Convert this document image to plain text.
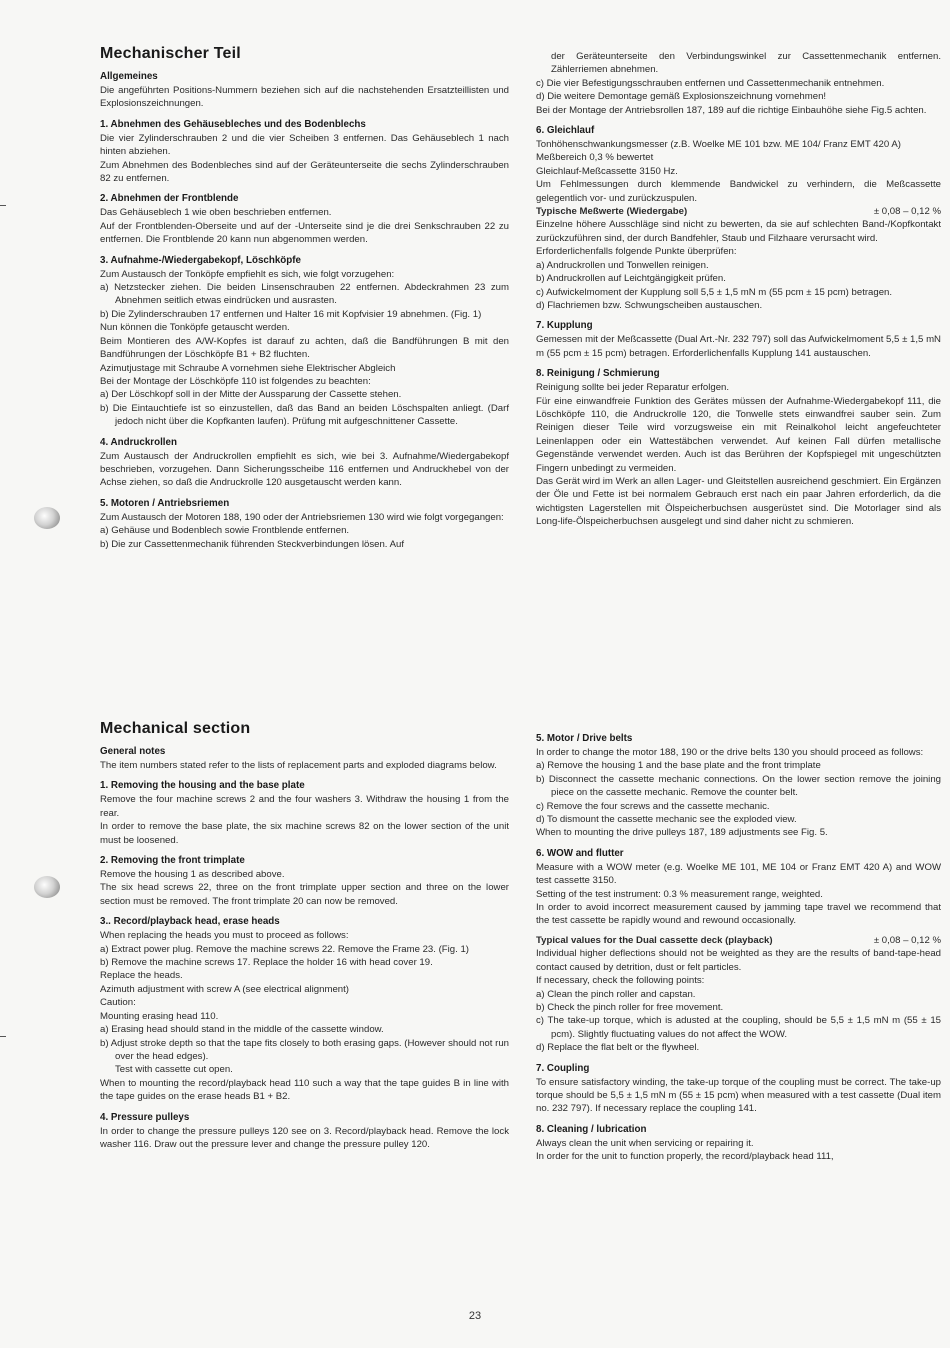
Mechanischer Teil
Allgemeines

Die angeführten Positions-Nummern beziehen sich auf die nachstehenden Ersatzteillisten und Explosionszeichnungen.

1. Abnehmen des Gehäusebleches und des Bodenblechs

Die vier Zylinderschrauben 2 und die vier Scheiben 3 entfernen. Das Gehäuseblech 1 nach hinten abziehen.

Zum Abnehmen des Bodenbleches sind auf der Geräteunterseite die sechs Zylinderschrauben 82 zu entfernen.

2. Abnehmen der Frontblende

Das Gehäuseblech 1 wie oben beschrieben entfernen.

Auf der Frontblenden-Oberseite und auf der -Unterseite sind je die drei Senkschrauben 22 zu entfernen. Die Frontblende 20 kann nun abgenommen werden.

3. Aufnahme-/Wiedergabekopf, Löschköpfe

Zum Austausch der Tonköpfe empfiehlt es sich, wie folgt vorzugehen:

a) Netzstecker ziehen. Die beiden Linsenschrauben 22 entfernen. Abdeckrahmen 23 zum Abnehmen seitlich etwas eindrücken und ausrasten.

b) Die Zylinderschrauben 17 entfernen und Halter 16 mit Kopfvisier 19 abnehmen. (Fig. 1)

Nun können die Tonköpfe getauscht werden.

Beim Montieren des A/W-Kopfes ist darauf zu achten, daß die Bandführungen B mit den Bandführungen der Löschköpfe B1 + B2 fluchten.

Azimutjustage mit Schraube A vornehmen siehe Elektrischer Abgleich

Bei der Montage der Löschköpfe 110 ist folgendes zu beachten:

a) Der Löschkopf soll in der Mitte der Aussparung der Cassette stehen.

b) Die Eintauchtiefe ist so einzustellen, daß das Band an beiden Löschspalten anliegt. (Darf jedoch nicht über die Kopfkanten laufen). Prüfung mit aufgeschnittener Cassette.

4. Andruckrollen

Zum Austausch der Andruckrollen empfiehlt es sich, wie bei 3. Aufnahme/Wiedergabekopf beschrieben, vorzugehen. Dann Sicherungsscheibe 116 entfernen und Andruckhebel von der Achse ziehen, so daß die Andruckrolle 120 ausgetauscht werden kann.

5. Motoren / Antriebsriemen

Zum Austausch der Motoren 188, 190 oder der Antriebsriemen 130 wird wie folgt vorgegangen:

a) Gehäuse und Bodenblech sowie Frontblende entfernen.

b) Die zur Cassettenmechanik führenden Steckverbindungen lösen. Auf

der Geräteunterseite den Verbindungswinkel zur Cassettenmechanik entfernen. Zählerriemen abnehmen.

c) Die vier Befestigungsschrauben entfernen und Cassettenmechanik entnehmen.

d) Die weitere Demontage gemäß Explosionszeichnung vornehmen!

Bei der Montage der Antriebsrollen 187, 189 auf die richtige Einbauhöhe siehe Fig.5 achten.

6. Gleichlauf

Tonhöhenschwankungsmesser (z.B. Woelke ME 101 bzw. ME 104/ Franz EMT 420 A)

Meßbereich 0,3 % bewertet

Gleichlauf-Meßcassette 3150 Hz.

Um Fehlmessungen durch klemmende Bandwickel zu verhindern, die Meßcassette gelegentlich vor- und zurückzuspulen.

Typische Meßwerte (Wiedergabe)	± 0,08 – 0,12 %

Einzelne höhere Ausschläge sind nicht zu bewerten, da sie auf schlechten Band-/Kopfkontakt zurückzuführen sind, der durch Bandfehler, Staub und Filzhaare verursacht wird.

Erforderlichenfalls folgende Punkte überprüfen:

a) Andruckrollen und Tonwellen reinigen.

b) Andruckrollen auf Leichtgängigkeit prüfen.

c) Aufwickelmoment der Kupplung soll 5,5 ± 1,5 mN m (55 pcm ± 15 pcm) betragen.

d) Flachriemen bzw. Schwungscheiben austauschen.

7. Kupplung

Gemessen mit der Meßcassette (Dual Art.-Nr. 232 797) soll das Aufwickelmoment 5,5 ± 1,5 mN m (55 pcm ± 15 pcm) betragen. Erforderlichenfalls Kupplung 141 austauschen.

8. Reinigung / Schmierung

Reinigung sollte bei jeder Reparatur erfolgen.

Für eine einwandfreie Funktion des Gerätes müssen der Aufnahme-Wiedergabekopf 111, die Löschköpfe 110, die Andruckrolle 120, die Tonwelle stets einwandfrei sauber sein. Zum Reinigen dieser Teile wird vorzugsweise ein mit Reinalkohol leicht angefeuchteter Leinenlappen oder ein Wattestäbchen verwendet. Auf keinen Fall dürfen metallische Gegenstände verwendet werden. Auch ist das Berühren der Kopfspiegel mit ungeschützten Fingern unbedingt zu vermeiden.

Das Gerät wird im Werk an allen Lager- und Gleitstellen ausreichend geschmiert. Ein Ergänzen der Öle und Fette ist bei normalem Gebrauch erst nach ein paar Jahren erforderlich, da die wichtigsten Lagerstellen mit Ölspeicherbuchsen ausgerüstet sind. Die Motorlager sind als Long-life-Ölspeicherbuchsen ausgelegt und sind daher nicht zu schmieren.

Mechanical section
General notes

The item numbers stated refer to the lists of replacement parts and exploded diagrams below.

1. Removing the housing and the base plate

Remove the four machine screws 2 and the four washers 3. Withdraw the housing 1 from the rear.

In order to remove the base plate, the six machine screws 82 on the lower section of the unit must be loosened.

2. Removing the front trimplate

Remove the housing 1 as described above.

The six head screws 22, three on the front trimplate upper section and three on the lower section must be removed. The front trimplate 20 can now be removed.

3.. Record/playback head, erase heads

When replacing the heads you must to proceed as follows:

a) Extract power plug. Remove the machine screws 22. Remove the Frame 23. (Fig. 1)

b) Remove the machine screws 17. Replace the holder 16 with head cover 19.

Replace the heads.

Azimuth adjustment with screw A (see electrical alignment)

Caution:

Mounting erasing head 110.

a) Erasing head should stand in the middle of the cassette window.

b) Adjust stroke depth so that the tape fits closely to both erasing gaps. (However should not run over the head edges).

Test with cassette cut open.

When to mounting the record/playback head 110 such a way that the tape guides B in line with the tape guides on the erase heads B1 + B2.

4. Pressure pulleys

In order to change the pressure pulleys 120 see on 3. Record/playback head. Remove the lock washer 116. Draw out the pressure lever and change the pressure pulley 120.

5. Motor / Drive belts

In order to change the motor 188, 190 or the drive belts 130 you should proceed as follows:

a) Remove the housing 1 and the base plate and the front trimplate

b) Disconnect the cassette mechanic connections. On the lower section remove the joining piece on the cassette mechanic. Remove the counter belt.

c) Remove the four screws and the cassette mechanic.

d) To dismount the cassette mechanic see the exploded view.

When to mounting the drive pulleys 187, 189 adjustments see Fig. 5.

6. WOW and flutter

Measure with a WOW meter (e.g. Woelke ME 101, ME 104 or Franz EMT 420 A) and WOW test cassette 3150.

Setting of the test instrument: 0.3 % measurement range, weighted.

In order to avoid incorrect measurement caused by jamming tape travel we recommend that the test cassette be rapidly wound and rewound occasionally.

Typical values for the Dual cassette deck (playback)	± 0,08 – 0,12 %

Individual higher deflections should not be weighted as they are the results of band-tape-head contact caused by detrition, dust or felt particles.

If necessary, check the following points:

a) Clean the pinch roller and capstan.

b) Check the pinch roller for free movement.

c) The take-up torque, which is adusted at the coupling, should be 5,5 ± 1,5 mN m (55 ± 15 pcm). Slightly fluctuating values do not affect the WOW.

d) Replace the flat belt or the flywheel.

7. Coupling

To ensure satisfactory winding, the take-up torque of the coupling must be correct. The take-up torque should be 5,5 ± 1,5 mN m (55 ± 15 pcm) when measured with a test cassette (Dual item no. 232 797). If necessary replace the coupling 141.

8. Cleaning / lubrication

Always clean the unit when servicing or repairing it.

In order for the unit to function properly, the record/playback head 111,

23
